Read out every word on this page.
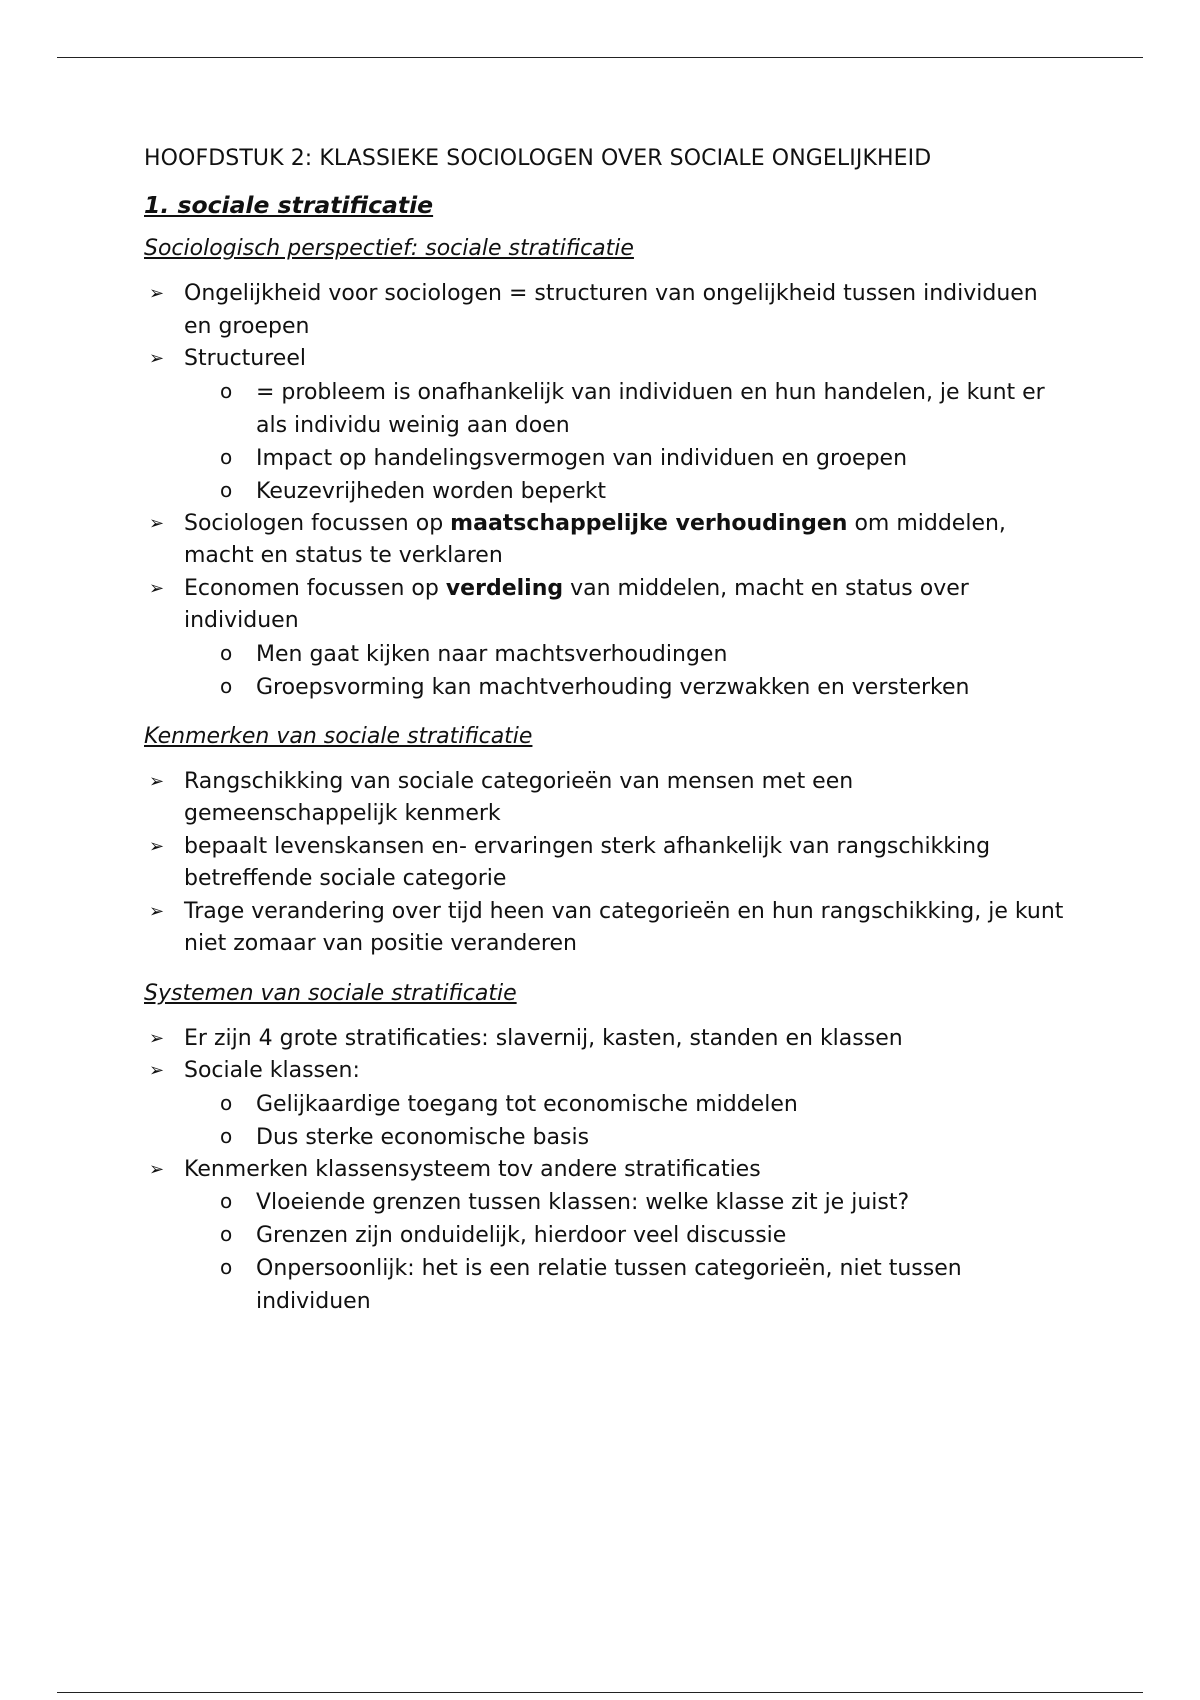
HOOFDSTUK 2: KLASSIEKE SOCIOLOGEN OVER SOCIALE ONGELIJKHEID
1. sociale stratificatie
Sociologisch perspectief: sociale stratificatie
➢ Ongelijkheid voor sociologen = structuren van ongelijkheid tussen individuen en groepen
➢ Structureel
o = probleem is onafhankelijk van individuen en hun handelen, je kunt er als individu weinig aan doen
o Impact op handelingsvermogen van individuen en groepen
o Keuzevrijheden worden beperkt
➢ Sociologen focussen op maatschappelijke verhoudingen om middelen, macht en status te verklaren
➢ Economen focussen op verdeling van middelen, macht en status over individuen
o Men gaat kijken naar machtsverhoudingen
o Groepsvorming kan machtverhouding verzwakken en versterken
Kenmerken van sociale stratificatie
➢ Rangschikking van sociale categorieën van mensen met een gemeenschappelijk kenmerk
➢ bepaalt levenskansen en- ervaringen sterk afhankelijk van rangschikking betreffende sociale categorie
➢ Trage verandering over tijd heen van categorieën en hun rangschikking, je kunt niet zomaar van positie veranderen
Systemen van sociale stratificatie
➢ Er zijn 4 grote stratificaties: slavernij, kasten, standen en klassen
➢ Sociale klassen:
o Gelijkaardige toegang tot economische middelen
o Dus sterke economische basis
➢ Kenmerken klassensysteem tov andere stratificaties
o Vloeiende grenzen tussen klassen: welke klasse zit je juist?
o Grenzen zijn onduidelijk, hierdoor veel discussie
o Onpersoonlijk: het is een relatie tussen categorieën, niet tussen individuen
